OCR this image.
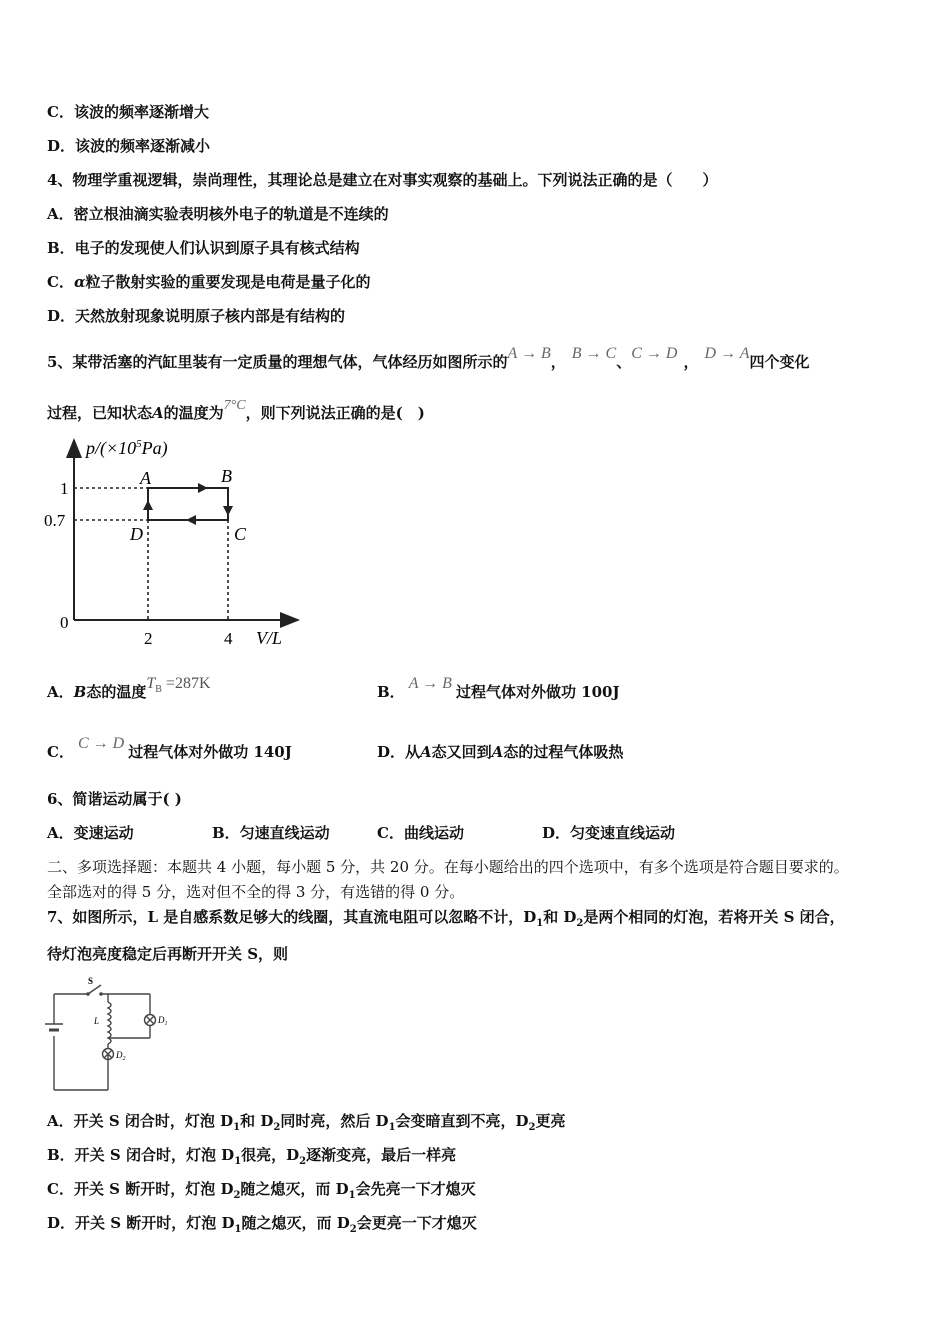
C．该波的频率逐渐增大
D．该波的频率逐渐减小
4、物理学重视逻辑，崇尚理性，其理论总是建立在对事实观察的基础上。下列说法正确的是（　　）
A．密立根油滴实验表明核外电子的轨道是不连续的
B．电子的发现使人们认识到原子具有核式结构
C．α粒子散射实验的重要发现是电荷是量子化的
D．天然放射现象说明原子核内部是有结构的
5、某带活塞的汽缸里装有一定质量的理想气体，气体经历如图所示的A → B， B → C、C → D ， D → A四个变化
过程，已知状态A的温度为7°C，则下列说法正确的是(　)
$p/(\times 10^5Pa)$
V/L
1
0.7
0
2	4
A	B
C
D
A．B态的温度$T_B =287K$	B． A → B 过程气体对外做功 100J
C． C → D 过程气体对外做功 140J	D．从A态又回到A态的过程气体吸热
6、简谐运动属于( )
A．变速运动	B．匀速直线运动	C．曲线运动	D．匀变速直线运动
二、多项选择题：本题共 4 小题，每小题 5 分，共 20 分。在每小题给出的四个选项中，有多个选项是符合题目要求的。
全部选对的得 5 分，选对但不全的得 3 分，有选错的得 0 分。
7、如图所示，L 是自感系数足够大的线圈，其直流电阻可以忽略不计，$D_1$和 $D_2$是两个相同的灯泡，若将开关 S 闭合，
待灯泡亮度稳定后再断开开关 S，则
S
L	$D_1$
$D_2$
A．开关 S 闭合时，灯泡 $D_1$和 $D_2$同时亮，然后 $D_1$会变暗直到不亮，$D_2$更亮
B．开关 S 闭合时，灯泡 $D_1$很亮，$D_2$逐渐变亮，最后一样亮
C．开关 S 断开时，灯泡 $D_2$随之熄灭，而 $D_1$会先亮一下才熄灭
D．开关 S 断开时，灯泡 $D_1$随之熄灭，而 $D_2$会更亮一下才熄灭
